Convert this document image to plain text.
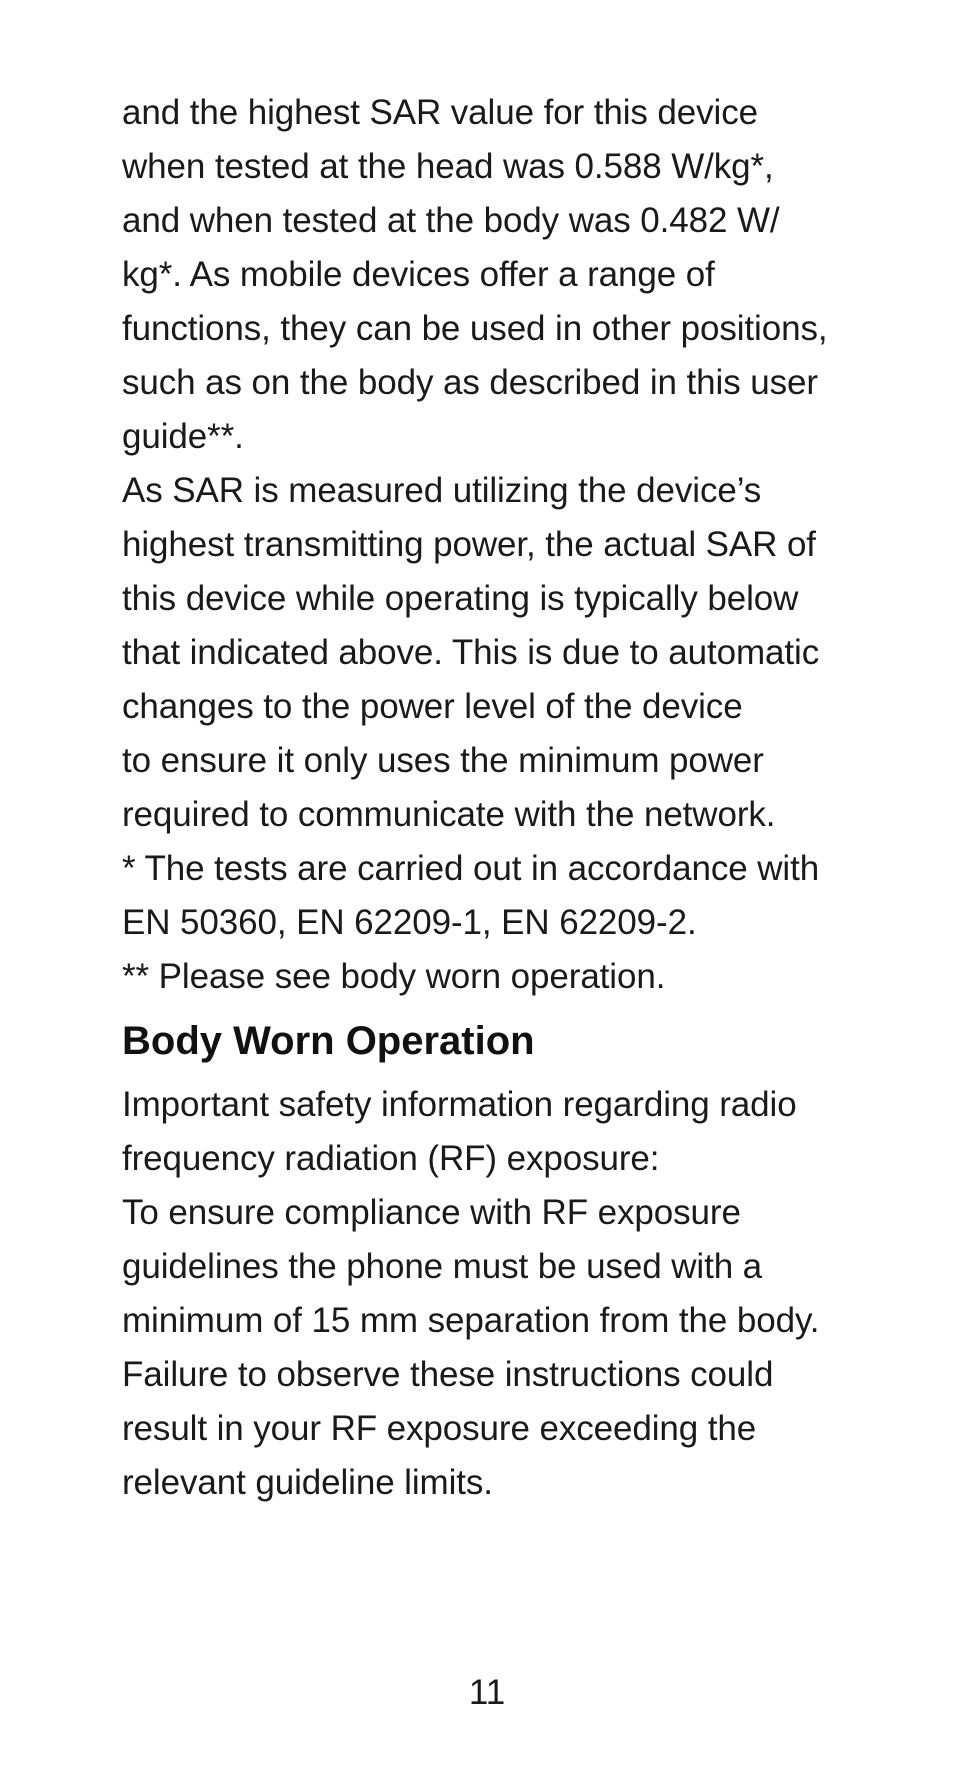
and the highest SAR value for this device
when tested at the head was 0.588 W/kg*,
and when tested at the body was 0.482 W/
kg*. As mobile devices offer a range of
functions, they can be used in other positions,
such as on the body as described in this user
guide**.
As SAR is measured utilizing the device’s
highest transmitting power, the actual SAR of
this device while operating is typically below
that indicated above. This is due to automatic
changes to the power level of the device
to ensure it only uses the minimum power
required to communicate with the network.
* The tests are carried out in accordance with
EN 50360, EN 62209-1, EN 62209-2.
** Please see body worn operation.
Body Worn Operation
Important safety information regarding radio
frequency radiation (RF) exposure:
To ensure compliance with RF exposure
guidelines the phone must be used with a
minimum of 15 mm separation from the body.
Failure to observe these instructions could
result in your RF exposure exceeding the
relevant guideline limits.
11
